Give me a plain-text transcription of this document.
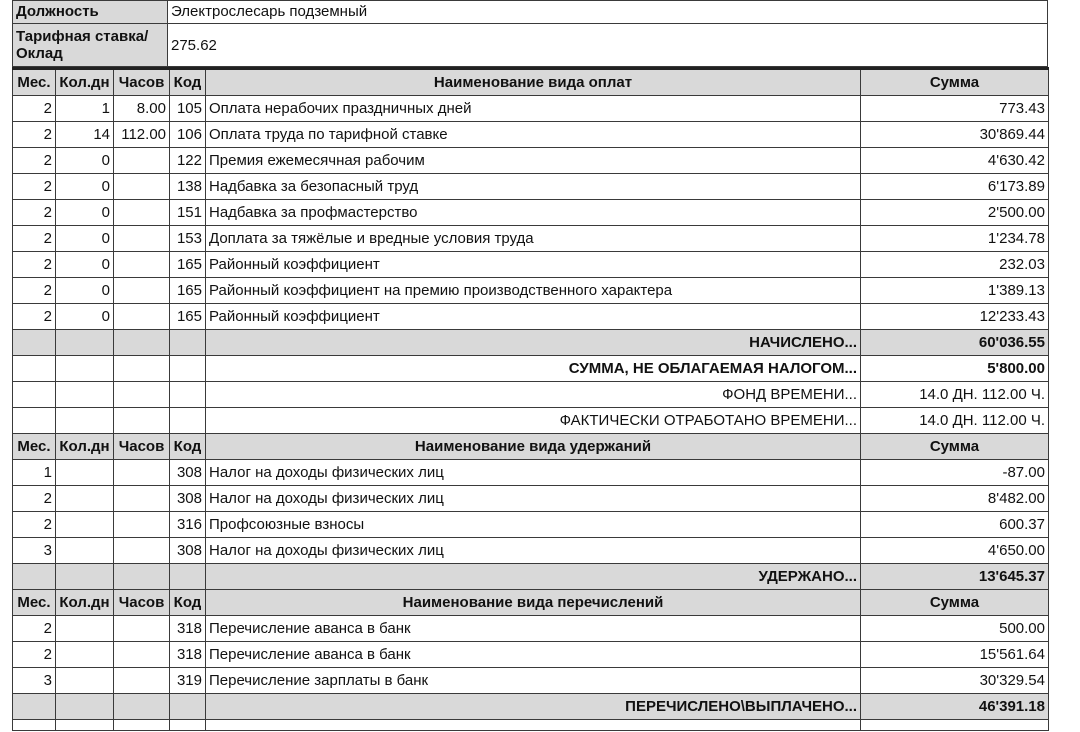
Должность	Электрослесарь подземный
Тарифная ставка/ Оклад	275.62
Мес.	Кол.дн	Часов	Код	Наименование вида оплат	Сумма
2	1	8.00	105	Оплата нерабочих праздничных дней	773.43
2	14	112.00	106	Оплата труда по тарифной ставке	30'869.44
2	0		122	Премия ежемесячная рабочим	4'630.42
2	0		138	Надбавка за безопасный труд	6'173.89
2	0		151	Надбавка за профмастерство	2'500.00
2	0		153	Доплата за тяжёлые и вредные условия труда	1'234.78
2	0		165	Районный коэффициент	232.03
2	0		165	Районный коэффициент на премию производственного характера	1'389.13
2	0		165	Районный коэффициент	12'233.43
				НАЧИСЛЕНО...	60'036.55
				СУММА, НЕ ОБЛАГАЕМАЯ НАЛОГОМ...	5'800.00
				ФОНД ВРЕМЕНИ...	14.0 ДН. 112.00 Ч.
				ФАКТИЧЕСКИ ОТРАБОТАНО ВРЕМЕНИ...	14.0 ДН. 112.00 Ч.
Мес.	Кол.дн	Часов	Код	Наименование вида удержаний	Сумма
1			308	Налог на доходы физических лиц	-87.00
2			308	Налог на доходы физических лиц	8'482.00
2			316	Профсоюзные взносы	600.37
3			308	Налог на доходы физических лиц	4'650.00
				УДЕРЖАНО...	13'645.37
Мес.	Кол.дн	Часов	Код	Наименование вида перечислений	Сумма
2			318	Перечисление аванса в банк	500.00
2			318	Перечисление аванса в банк	15'561.64
3			319	Перечисление зарплаты в банк	30'329.54
				ПЕРЕЧИСЛЕНО\ВЫПЛАЧЕНО...	46'391.18
